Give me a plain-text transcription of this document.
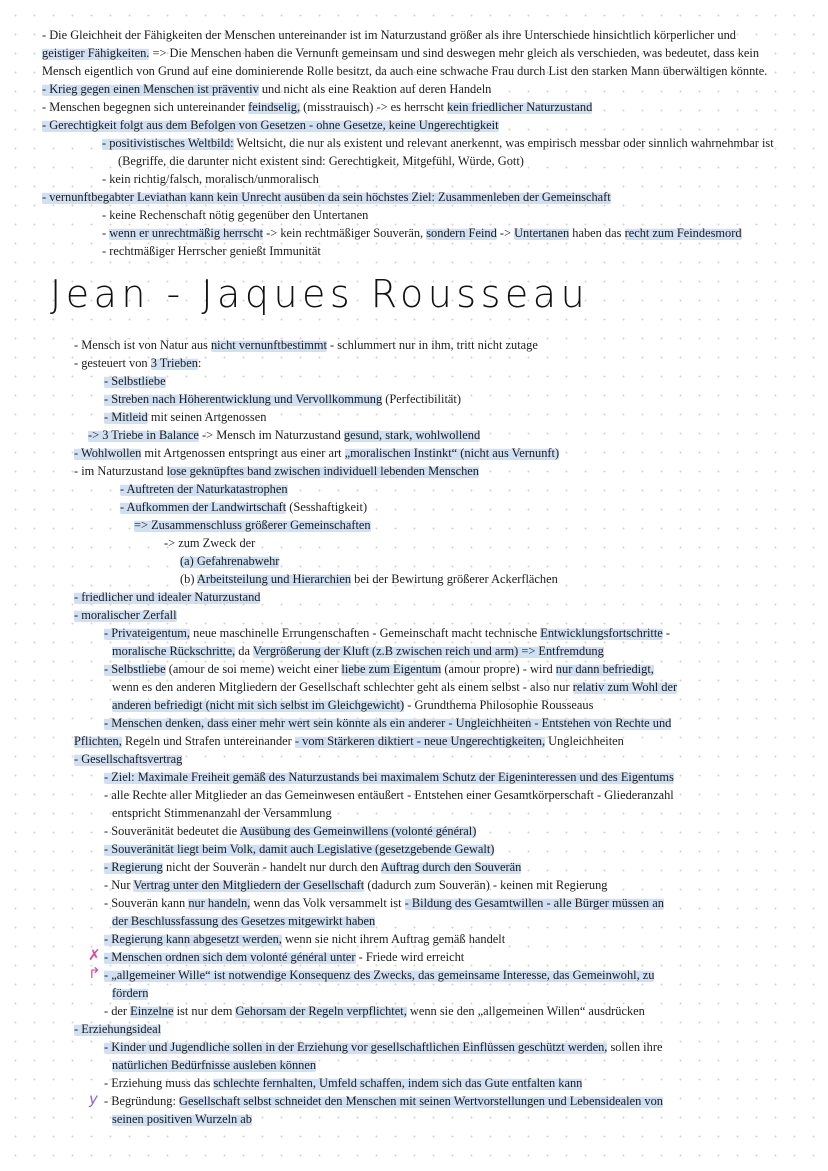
- Die Gleichheit der Fähigkeiten der Menschen untereinander ist im Naturzustand größer als ihre Unterschiede hinsichtlich körperlicher und
geistiger Fähigkeiten. => Die Menschen haben die Vernunft gemeinsam und sind deswegen mehr gleich als verschieden, was bedeutet, dass kein
Mensch eigentlich von Grund auf eine dominierende Rolle besitzt, da auch eine schwache Frau durch List den starken Mann überwältigen könnte.
- Krieg gegen einen Menschen ist präventiv und nicht als eine Reaktion auf deren Handeln
- Menschen begegnen sich untereinander feindselig, (misstrauisch) -> es herrscht kein friedlicher Naturzustand
- Gerechtigkeit folgt aus dem Befolgen von Gesetzen - ohne Gesetze, keine Ungerechtigkeit
- positivistisches Weltbild: Weltsicht, die nur als existent und relevant anerkennt, was empirisch messbar oder sinnlich wahrnehmbar ist
(Begriffe, die darunter nicht existent sind: Gerechtigkeit, Mitgefühl, Würde, Gott)
- kein richtig/falsch, moralisch/unmoralisch
- vernunftbegabter Leviathan kann kein Unrecht ausüben da sein höchstes Ziel: Zusammenleben der Gemeinschaft
- keine Rechenschaft nötig gegenüber den Untertanen
- wenn er unrechtmäßig herrscht -> kein rechtmäßiger Souverän, sondern Feind -> Untertanen haben das recht zum Feindesmord
- rechtmäßiger Herrscher genießt Immunität
Jean - Jaques Rousseau
- Mensch ist von Natur aus nicht vernunftbestimmt - schlummert nur in ihm, tritt nicht zutage
- gesteuert von 3 Trieben:
- Selbstliebe
- Streben nach Höherentwicklung und Vervollkommung (Perfectibilität)
- Mitleid mit seinen Artgenossen
-> 3 Triebe in Balance -> Mensch im Naturzustand gesund, stark, wohlwollend
- Wohlwollen mit Artgenossen entspringt aus einer art „moralischen Instinkt“ (nicht aus Vernunft)
- im Naturzustand lose geknüpftes band zwischen individuell lebenden Menschen
- Auftreten der Naturkatastrophen
- Aufkommen der Landwirtschaft (Sesshaftigkeit)
=> Zusammenschluss größerer Gemeinschaften
-> zum Zweck der
(a) Gefahrenabwehr
(b) Arbeitsteilung und Hierarchien bei der Bewirtung größerer Ackerflächen
- friedlicher und idealer Naturzustand
- moralischer Zerfall
- Privateigentum, neue maschinelle Errungenschaften - Gemeinschaft macht technische Entwicklungsfortschritte -
moralische Rückschritte, da Vergrößerung der Kluft (z.B zwischen reich und arm) => Entfremdung
- Selbstliebe (amour de soi meme) weicht einer liebe zum Eigentum (amour propre) - wird nur dann befriedigt,
wenn es den anderen Mitgliedern der Gesellschaft schlechter geht als einem selbst - also nur relativ zum Wohl der
anderen befriedigt (nicht mit sich selbst im Gleichgewicht) - Grundthema Philosophie Rousseaus
- Menschen denken, dass einer mehr wert sein könnte als ein anderer - Ungleichheiten - Entstehen von Rechte und
Pflichten, Regeln und Strafen untereinander - vom Stärkeren diktiert - neue Ungerechtigkeiten, Ungleichheiten
- Gesellschaftsvertrag
- Ziel: Maximale Freiheit gemäß des Naturzustands bei maximalem Schutz der Eigeninteressen und des Eigentums
- alle Rechte aller Mitglieder an das Gemeinwesen entäußert - Entstehen einer Gesamtkörperschaft - Gliederanzahl
entspricht Stimmenanzahl der Versammlung
- Souveränität bedeutet die Ausübung des Gemeinwillens (volonté général)
- Souveränität liegt beim Volk, damit auch Legislative (gesetzgebende Gewalt)
- Regierung nicht der Souverän - handelt nur durch den Auftrag durch den Souverän
- Nur Vertrag unter den Mitgliedern der Gesellschaft (dadurch zum Souverän) - keinen mit Regierung
- Souverän kann nur handeln, wenn das Volk versammelt ist - Bildung des Gesamtwillen - alle Bürger müssen an
der Beschlussfassung des Gesetzes mitgewirkt haben
- Regierung kann abgesetzt werden, wenn sie nicht ihrem Auftrag gemäß handelt
- Menschen ordnen sich dem volonté général unter - Friede wird erreicht
- „allgemeiner Wille“ ist notwendige Konsequenz des Zwecks, das gemeinsame Interesse, das Gemeinwohl, zu
fördern
- der Einzelne ist nur dem Gehorsam der Regeln verpflichtet, wenn sie den „allgemeinen Willen“ ausdrücken
- Erziehungsideal
- Kinder und Jugendliche sollen in der Erziehung vor gesellschaftlichen Einflüssen geschützt werden, sollen ihre
natürlichen Bedürfnisse ausleben können
- Erziehung muss das schlechte fernhalten, Umfeld schaffen, indem sich das Gute entfalten kann
- Begründung: Gesellschaft selbst schneidet den Menschen mit seinen Wertvorstellungen und Lebensidealen von
seinen positiven Wurzeln ab
✗
↱
y
